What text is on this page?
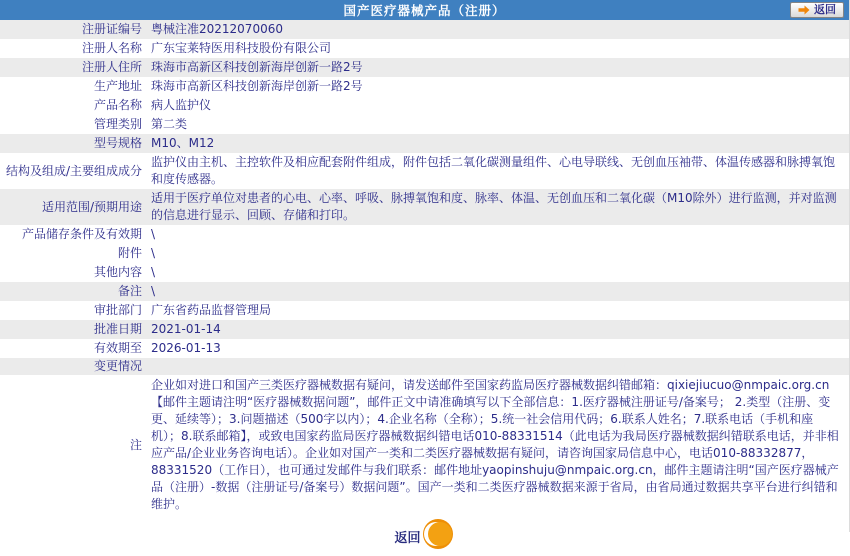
国产医疗器械产品（注册）	返回
注册证编号 粤械注准20212070060
注册人名称 广东宝莱特医用科技股份有限公司
注册人住所 珠海市高新区科技创新海岸创新一路2号
生产地址 珠海市高新区科技创新海岸创新一路2号
产品名称 病人监护仪
管理类别 第二类
型号规格 M10、M12
结构及组成/主要组成成分
监护仪由主机、主控软件及相应配套附件组成，附件包括二氧化碳测量组件、心电导联线、无创血压袖带、体温传感器和脉搏氧饱和度传感器。
适用范围/预期用途
适用于医疗单位对患者的心电、心率、呼吸、脉搏氧饱和度、脉率、体温、无创血压和二氧化碳（M10除外）进行监测，并对监测的信息进行显示、回顾、存储和打印。
产品储存条件及有效期 \
附件 \
其他内容 \
备注 \
审批部门 广东省药品监督管理局
批准日期 2021-01-14
有效期至 2026-01-13
变更情况
注
企业如对进口和国产三类医疗器械数据有疑问，请发送邮件至国家药监局医疗器械数据纠错邮箱：qixiejiucuo@nmpaic.org.cn【邮件主题请注明“医疗器械数据问题”，邮件正文中请准确填写以下全部信息：1.医疗器械注册证号/备案号； 2.类型（注册、变更、延续等）；3.问题描述（500字以内）；4.企业名称（全称）；5.统一社会信用代码；6.联系人姓名；7.联系电话（手机和座机）；8.联系邮箱】，或致电国家药监局医疗器械数据纠错电话010-88331514（此电话为我局医疗器械数据纠错联系电话，并非相应产品/企业业务咨询电话）。企业如对国产一类和二类医疗器械数据有疑问，请咨询国家局信息中心，电话010-88332877，88331520（工作日），也可通过发邮件与我们联系：邮件地址yaopinshuju@nmpaic.org.cn，邮件主题请注明“国产医疗器械产品（注册）-数据（注册证号/备案号）数据问题”。国产一类和二类医疗器械数据来源于省局，由省局通过数据共享平台进行纠错和维护。
返回
